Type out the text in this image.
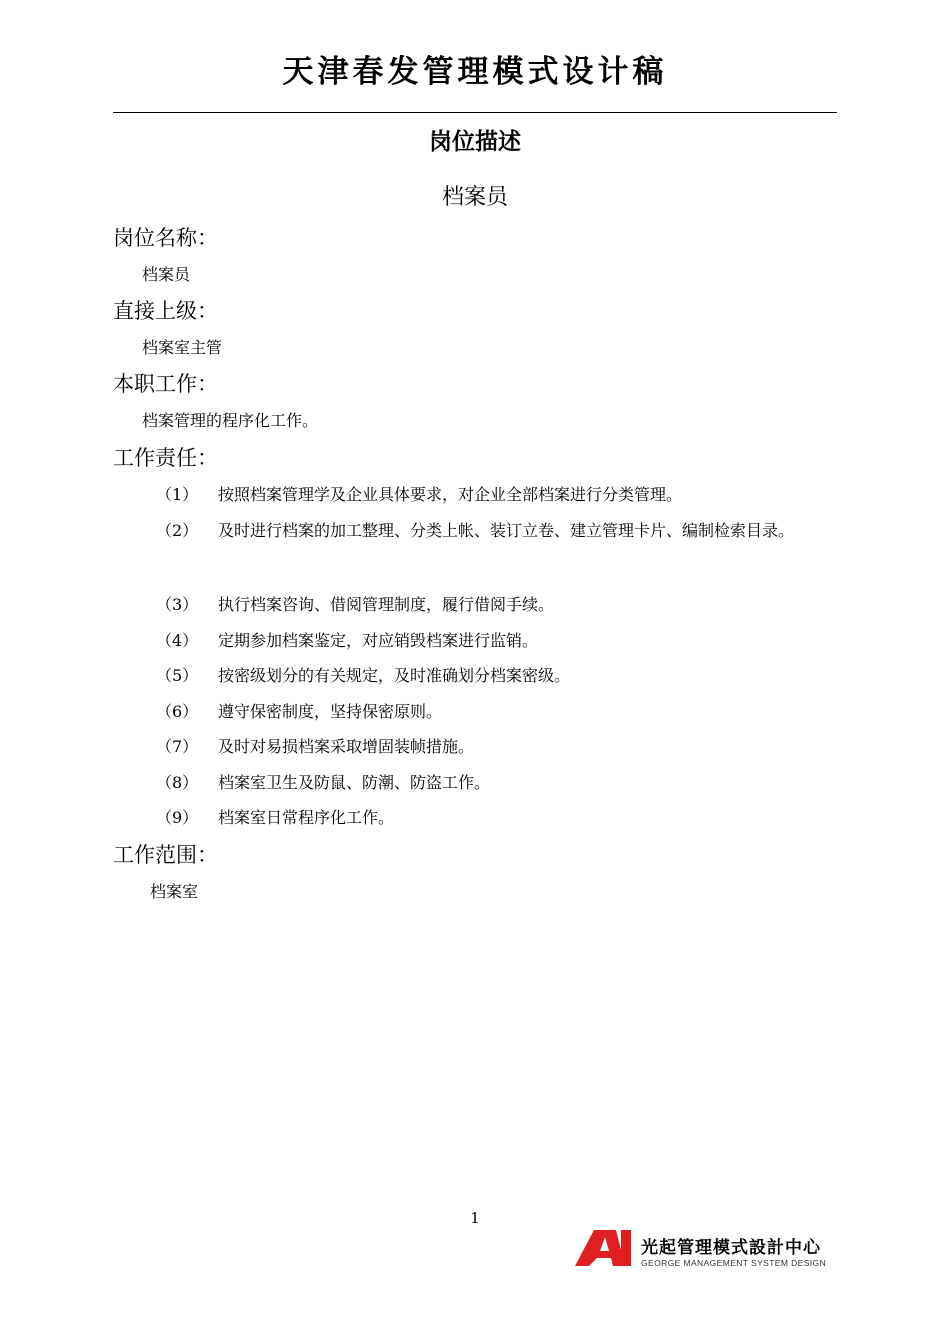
天津春发管理模式设计稿
岗位描述
档案员
岗位名称：
档案员
直接上级：
档案室主管
本职工作：
档案管理的程序化工作。
工作责任：
（1） 按照档案管理学及企业具体要求，对企业全部档案进行分类管理。
（2） 及时进行档案的加工整理、分类上帐、装订立卷、建立管理卡片、编制检索目录。
（3） 执行档案咨询、借阅管理制度，履行借阅手续。
（4） 定期参加档案鉴定，对应销毁档案进行监销。
（5） 按密级划分的有关规定，及时准确划分档案密级。
（6） 遵守保密制度，坚持保密原则。
（7） 及时对易损档案采取增固装帧措施。
（8） 档案室卫生及防鼠、防潮、防盗工作。
（9） 档案室日常程序化工作。
工作范围：
档案室
1
光起管理模式設計中心
GEORGE MANAGEMENT SYSTEM DESIGN
